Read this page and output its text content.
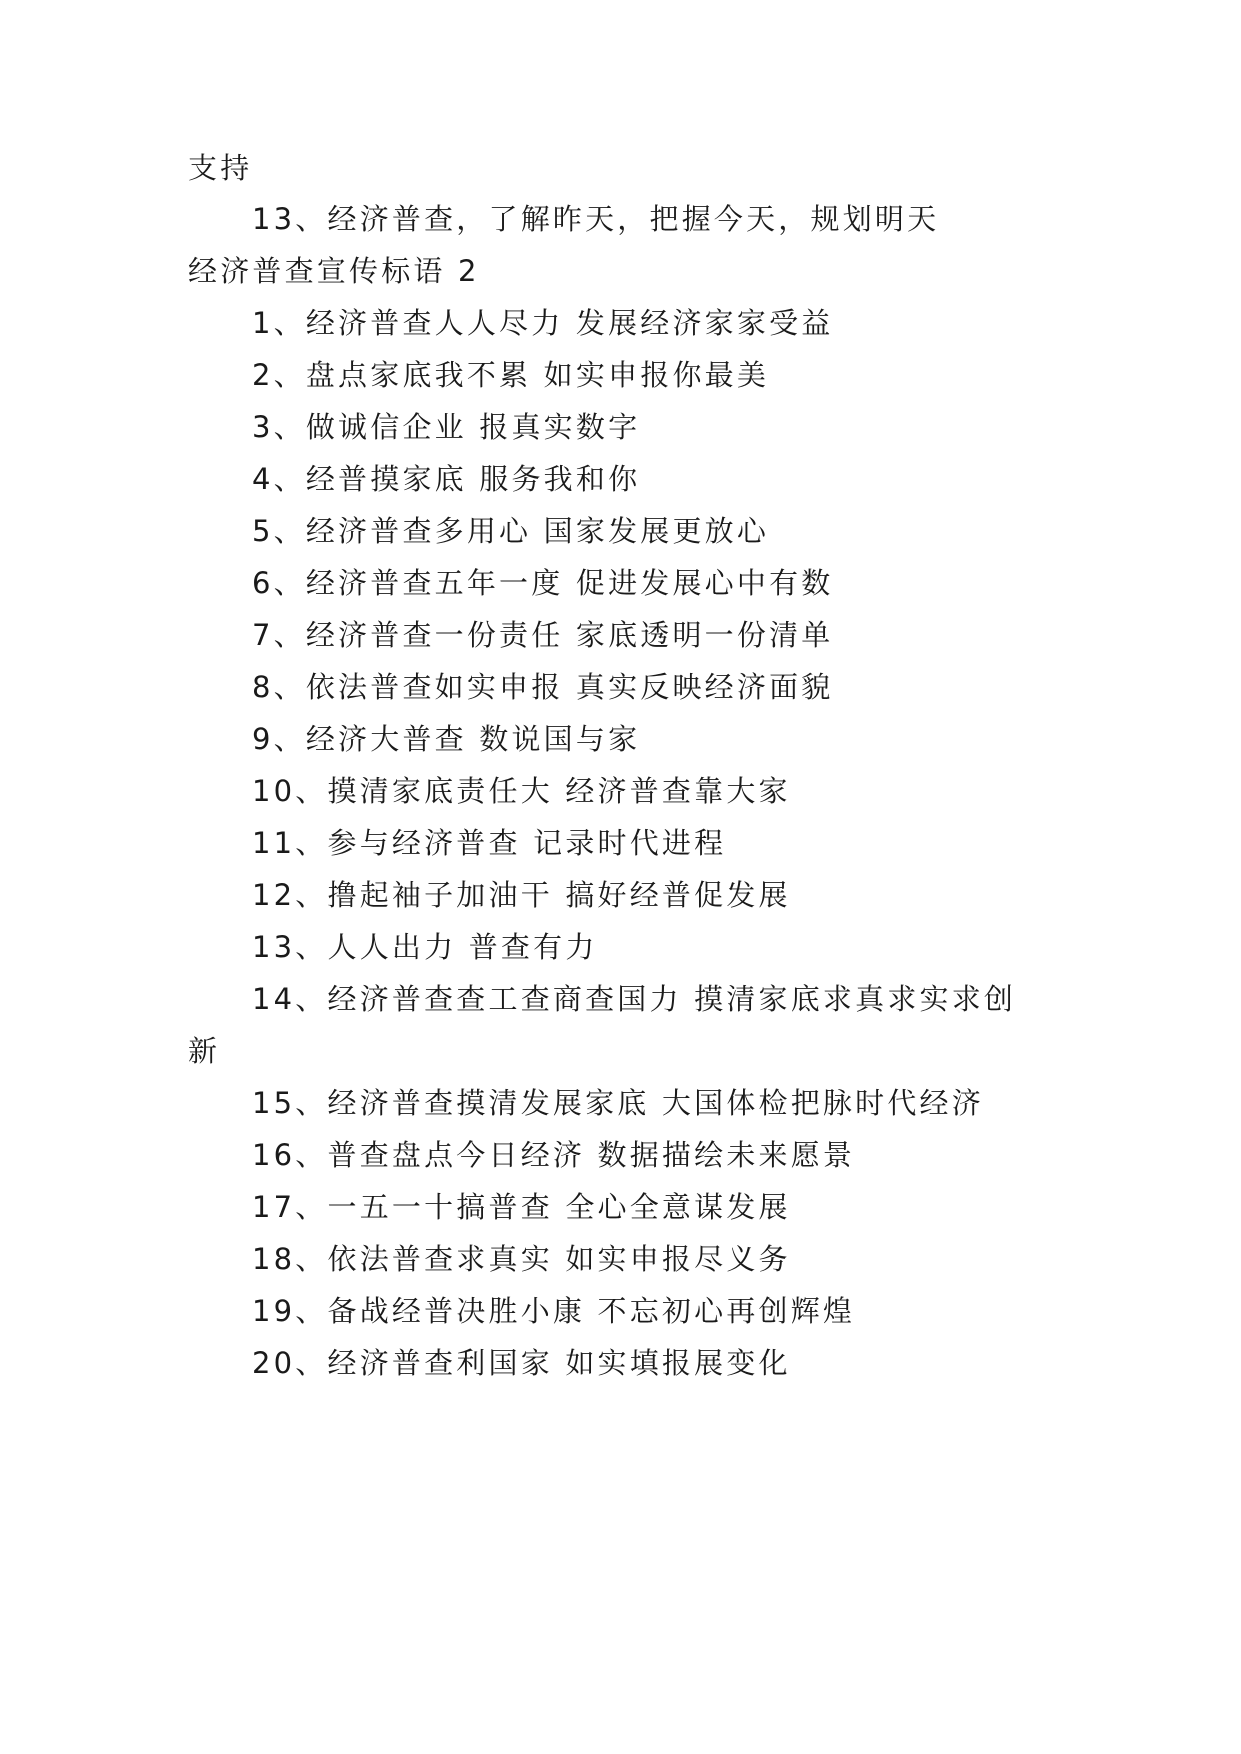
支持
13、经济普查，了解昨天，把握今天，规划明天
经济普查宣传标语 2
1、经济普查人人尽力 发展经济家家受益
2、盘点家底我不累 如实申报你最美
3、做诚信企业 报真实数字
4、经普摸家底 服务我和你
5、经济普查多用心 国家发展更放心
6、经济普查五年一度 促进发展心中有数
7、经济普查一份责任 家底透明一份清单
8、依法普查如实申报 真实反映经济面貌
9、经济大普查 数说国与家
10、摸清家底责任大 经济普查靠大家
11、参与经济普查 记录时代进程
12、撸起袖子加油干 搞好经普促发展
13、人人出力 普查有力
14、经济普查查工查商查国力 摸清家底求真求实求创
新
15、经济普查摸清发展家底 大国体检把脉时代经济
16、普查盘点今日经济 数据描绘未来愿景
17、一五一十搞普查 全心全意谋发展
18、依法普查求真实 如实申报尽义务
19、备战经普决胜小康 不忘初心再创辉煌
20、经济普查利国家 如实填报展变化
